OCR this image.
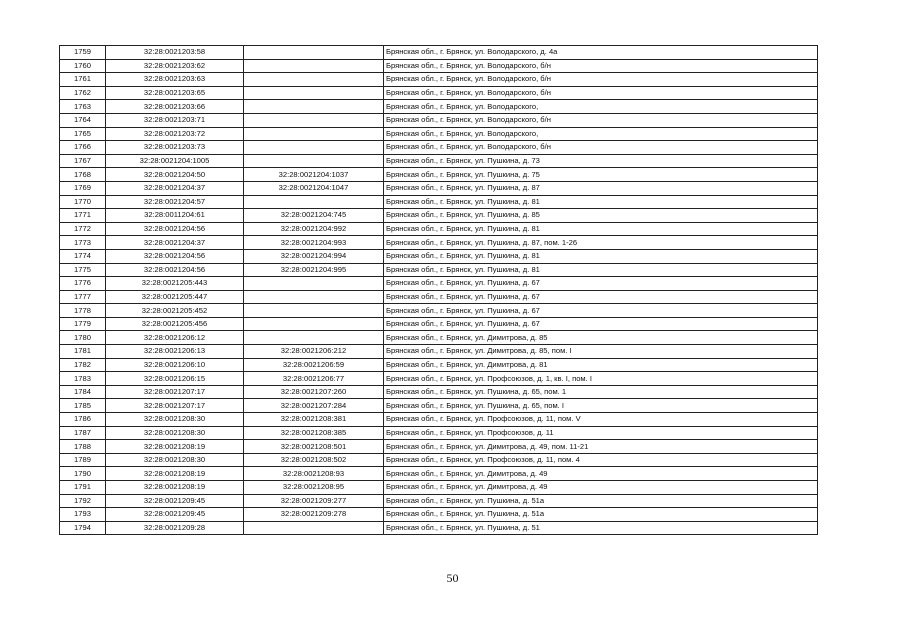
1759	32:28:0021203:58		Брянская обл., г. Брянск, ул. Володарского, д. 4а
1760	32:28:0021203:62		Брянская обл., г. Брянск, ул. Володарского, б/н
1761	32:28:0021203:63		Брянская обл., г. Брянск, ул. Володарского, б/н
1762	32:28:0021203:65		Брянская обл., г. Брянск, ул. Володарского, б/н
1763	32:28:0021203:66		Брянская обл., г. Брянск, ул. Володарского,
1764	32:28:0021203:71		Брянская обл., г. Брянск, ул. Володарского, б/н
1765	32:28:0021203:72		Брянская обл., г. Брянск, ул. Володарского,
1766	32:28:0021203:73		Брянская обл., г. Брянск, ул. Володарского, б/н
1767	32:28:0021204:1005		Брянская обл., г. Брянск, ул. Пушкина, д. 73
1768	32:28:0021204:50	32:28:0021204:1037	Брянская обл., г. Брянск, ул. Пушкина, д. 75
1769	32:28:0021204:37	32:28:0021204:1047	Брянская обл., г. Брянск, ул. Пушкина, д. 87
1770	32:28:0021204:57		Брянская обл., г. Брянск, ул. Пушкина, д. 81
1771	32:28:0011204:61	32:28:0021204:745	Брянская обл., г. Брянск, ул. Пушкина, д. 85
1772	32:28:0021204:56	32:28:0021204:992	Брянская обл., г. Брянск, ул. Пушкина, д. 81
1773	32:28:0021204:37	32:28:0021204:993	Брянская обл., г. Брянск, ул. Пушкина, д. 87, пом. 1-26
1774	32:28:0021204:56	32:28:0021204:994	Брянская обл., г. Брянск, ул. Пушкина, д. 81
1775	32:28:0021204:56	32:28:0021204:995	Брянская обл., г. Брянск, ул. Пушкина, д. 81
1776	32:28:0021205:443		Брянская обл., г. Брянск, ул. Пушкина, д. 67
1777	32:28:0021205:447		Брянская обл., г. Брянск, ул. Пушкина, д. 67
1778	32:28:0021205:452		Брянская обл., г. Брянск, ул. Пушкина, д. 67
1779	32:28:0021205:456		Брянская обл., г. Брянск, ул. Пушкина, д. 67
1780	32:28:0021206:12		Брянская обл., г. Брянск, ул. Димитрова, д. 85
1781	32:28:0021206:13	32:28:0021206:212	Брянская обл., г. Брянск, ул. Димитрова, д. 85, пом. I
1782	32:28:0021206:10	32:28:0021206:59	Брянская обл., г. Брянск, ул. Димитрова, д. 81
1783	32:28:0021206:15	32:28:0021206:77	Брянская обл., г. Брянск, ул. Профсоюзов, д. 1, кв. I, пом. I
1784	32:28:0021207:17	32:28:0021207:260	Брянская обл., г. Брянск, ул. Пушкина, д. 65, пом. 1
1785	32:28:0021207:17	32:28:0021207:284	Брянская обл., г. Брянск, ул. Пушкина, д. 65, пом. I
1786	32:28:0021208:30	32:28:0021208:381	Брянская обл., г. Брянск, ул. Профсоюзов, д. 11, пом. V
1787	32:28:0021208:30	32:28:0021208:385	Брянская обл., г. Брянск, ул. Профсоюзов, д. 11
1788	32:28:0021208:19	32:28:0021208:501	Брянская обл., г. Брянск, ул. Димитрова, д. 49, пом. 11-21
1789	32:28:0021208:30	32:28:0021208:502	Брянская обл., г. Брянск, ул. Профсоюзов, д. 11, пом. 4
1790	32:28:0021208:19	32:28:0021208:93	Брянская обл., г. Брянск, ул. Димитрова, д. 49
1791	32:28:0021208:19	32:28:0021208:95	Брянская обл., г. Брянск, ул. Димитрова, д. 49
1792	32:28:0021209:45	32:28:0021209:277	Брянская обл., г. Брянск, ул. Пушкина, д. 51а
1793	32:28:0021209:45	32:28:0021209:278	Брянская обл., г. Брянск, ул. Пушкина, д. 51а
1794	32:28:0021209:28		Брянская обл., г. Брянск, ул. Пушкина, д. 51
50
